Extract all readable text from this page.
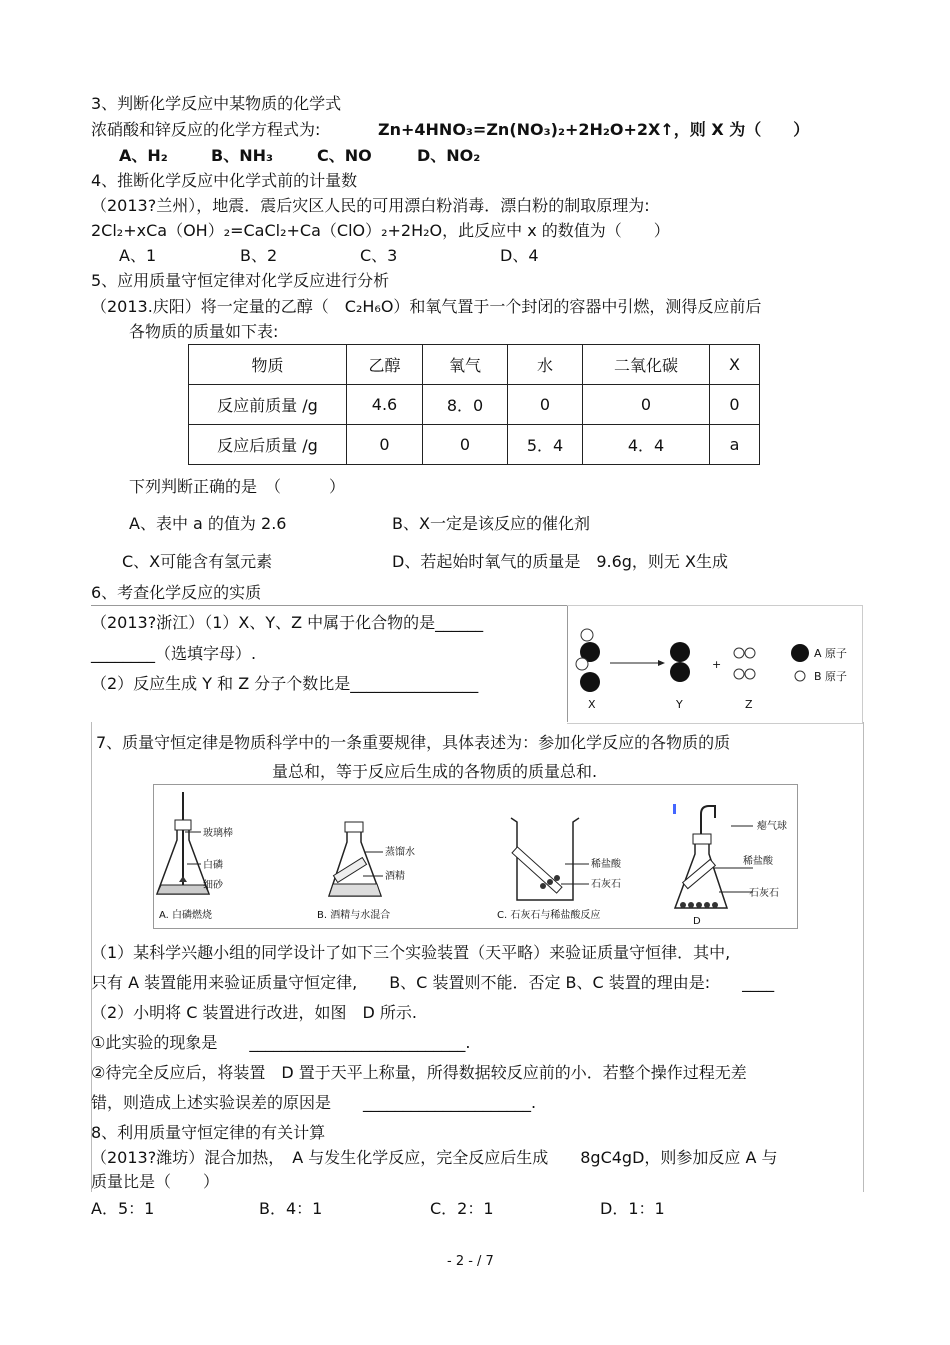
3、判断化学反应中某物质的化学式
浓硝酸和锌反应的化学方程式为:	Zn+4HNO₃=Zn(NO₃)₂+2H₂O+2X↑，则 X 为（　　）
A、H₂	B、NH₃	C、NO	D、NO₂
4、推断化学反应中化学式前的计量数
（2013?兰州），地震．震后灾区人民的可用漂白粉消毒．漂白粉的制取原理为:
2Cl₂+xCa（OH）₂=CaCl₂+Ca（ClO）₂+2H₂O，此反应中 x 的数值为（　　）
A、1	B、2	C、3	D、4
5、应用质量守恒定律对化学反应进行分析
（2013.庆阳）将一定量的乙醇（　C₂H₆O）和氧气置于一个封闭的容器中引燃，测得反应前后
各物质的质量如下表:
物质	乙醇	氧气	水	二氧化碳	X
反应前质量 /g	4.6	8．0	0	0	0
反应后质量 /g	0	0	5．4	4．4	a
下列判断正确的是　（　　　）
A、表中 a 的值为 2.6	B、X一定是该反应的催化剂
C、X可能含有氢元素	D、若起始时氧气的质量是　9.6g，则无 X生成
6、考查化学反应的实质
（2013?浙江）（1）X、Y、Z 中属于化合物的是______
________（选填字母）.
（2）反应生成 Y 和 Z 分子个数比是________________
+
A 原子
B 原子
X	Y	Z
7、质量守恒定律是物质科学中的一条重要规律，具体表述为：参加化学反应的各物质的质
量总和，等于反应后生成的各物质的质量总和.
玻璃棒
白磷
细砂
A. 白磷燃烧
蒸馏水
酒精
B. 酒精与水混合
稀盐酸
石灰石
C. 石灰石与稀盐酸反应
瘪气球
稀盐酸
石灰石
D
（1）某科学兴趣小组的同学设计了如下三个实验装置（天平略）来验证质量守恒律．其中,
只有 A 装置能用来验证质量守恒定律,　　B、C 装置则不能．否定 B、C 装置的理由是:　　____
（2）小明将 C 装置进行改进，如图　D 所示.
①此实验的现象是　　___________________________.
②待完全反应后，将装置　D 置于天平上称量，所得数据较反应前的小．若整个操作过程无差
错，则造成上述实验误差的原因是　　_____________________.
8、利用质量守恒定律的有关计算
（2013?潍坊）混合加热，　A 与发生化学反应，完全反应后生成　　8gC4gD，则参加反应 A 与
质量比是（　　）
A．5：1	B．4：1	C．2：1	D．1：1
- 2 - / 7
